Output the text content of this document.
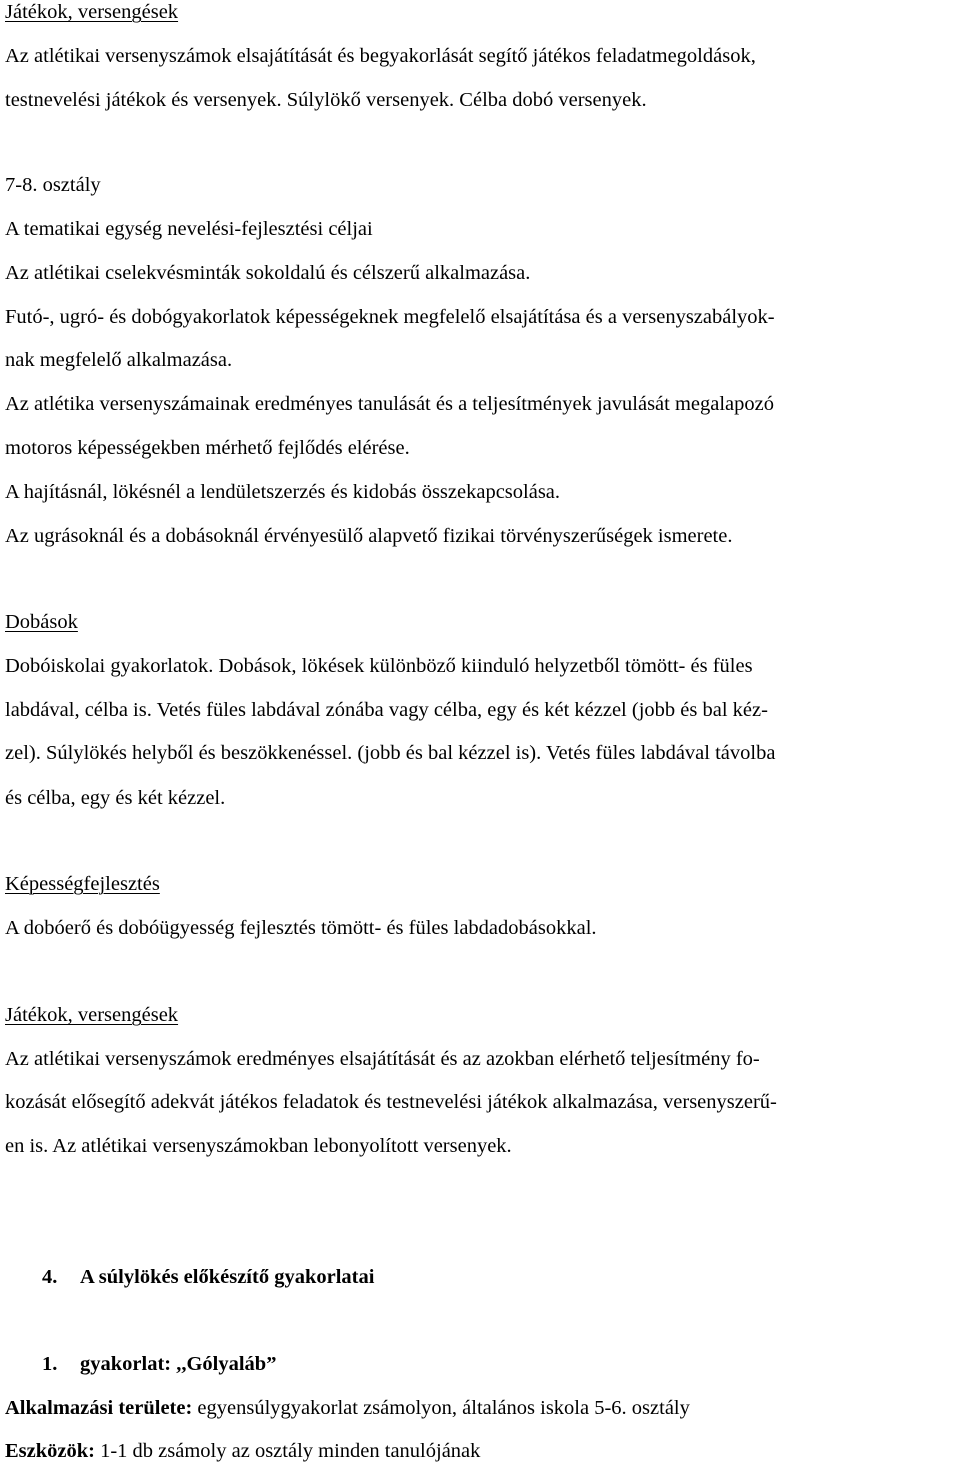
Játékok, versengések
Az atlétikai versenyszámok elsajátítását és begyakorlását segítő játékos feladatmegoldások,
testnevelési játékok és versenyek. Súlylökő versenyek. Célba dobó versenyek.
7-8. osztály
A tematikai egység nevelési-fejlesztési céljai
Az atlétikai cselekvésminták sokoldalú és célszerű alkalmazása.
Futó-, ugró- és dobógyakorlatok képességeknek megfelelő elsajátítása és a versenyszabályok-
nak megfelelő alkalmazása.
Az atlétika versenyszámainak eredményes tanulását és a teljesítmények javulását megalapozó
motoros képességekben mérhető fejlődés elérése.
A hajításnál, lökésnél a lendületszerzés és kidobás összekapcsolása.
Az ugrásoknál és a dobásoknál érvényesülő alapvető fizikai törvényszerűségek ismerete.
Dobások
Dobóiskolai gyakorlatok. Dobások, lökések különböző kiinduló helyzetből tömött- és füles
labdával, célba is. Vetés füles labdával zónába vagy célba, egy és két kézzel (jobb és bal kéz-
zel). Súlylökés helyből és beszökkenéssel. (jobb és bal kézzel is). Vetés füles labdával távolba
és célba, egy és két kézzel.
Képességfejlesztés
A dobóerő és dobóügyesség fejlesztés tömött- és füles labdadobásokkal.
Játékok, versengések
Az atlétikai versenyszámok eredményes elsajátítását és az azokban elérhető teljesítmény fo-
kozását elősegítő adekvát játékos feladatok és testnevelési játékok alkalmazása, versenyszerű-
en is. Az atlétikai versenyszámokban lebonyolított versenyek.
4. A súlylökés előkészítő gyakorlatai
1. gyakorlat: ,,Gólyaláb”
Alkalmazási területe: egyensúlygyakorlat zsámolyon, általános iskola 5-6. osztály
Eszközök: 1-1 db zsámoly az osztály minden tanulójának
